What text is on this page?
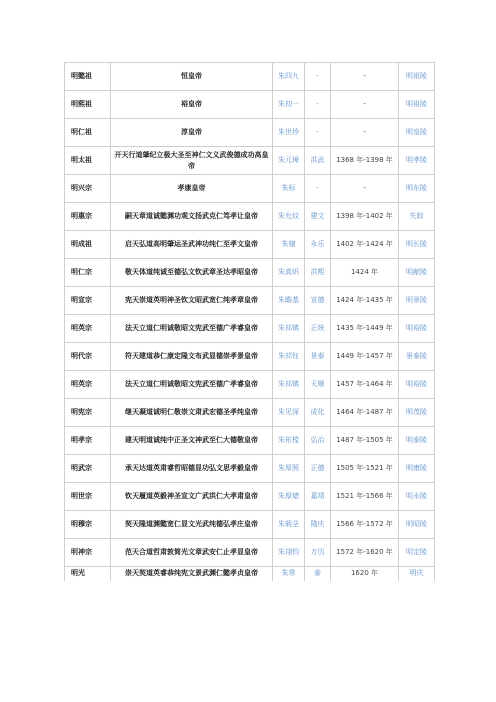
明懿祖	恒皇帝	朱四九	-	-	明祖陵
明熙祖	裕皇帝	朱初一	-	-	明祖陵
明仁祖	淳皇帝	朱世珍	-	-	明皇陵
明太祖	开天行道肇纪立极大圣至神仁文义武俊德成功高皇帝	朱元璋	洪武	1368 年-1398 年	明孝陵
明兴宗	孝康皇帝	朱标	-	-	明东陵
明惠宗	嗣天章道诚懿渊功观文扬武克仁笃孝让皇帝	朱允炆	建文	1398 年-1402 年	失踪
明成祖	启天弘道高明肇运圣武神功纯仁至孝文皇帝	朱棣	永乐	1402 年-1424 年	明长陵
明仁宗	敬天体道纯诚至德弘文钦武章圣达孝昭皇帝	朱高炽	洪熙	1424 年	明献陵
明宣宗	宪天崇道英明神圣钦文昭武宽仁纯孝章皇帝	朱瞻基	宣德	1424 年-1435 年	明景陵
明英宗	法天立道仁明诚敬昭文宪武至德广孝睿皇帝	朱祁镇	正统	1435 年-1449 年	明裕陵
明代宗	符天建道恭仁康定隆文布武显德崇孝景皇帝	朱祁钰	景泰	1449 年-1457 年	景泰陵
明英宗	法天立道仁明诚敬昭文宪武至德广孝睿皇帝	朱祁镇	天顺	1457 年-1464 年	明裕陵
明宪宗	继天凝道诚明仁敬崇文肃武宏德圣孝纯皇帝	朱见深	成化	1464 年-1487 年	明茂陵
明孝宗	建天明道诚纯中正圣文神武至仁大德敬皇帝	朱祐樘	弘治	1487 年-1505 年	明泰陵
明武宗	承天达道英肃睿哲昭德显功弘文思孝毅皇帝	朱厚照	正德	1505 年-1521 年	明康陵
明世宗	钦天履道英毅神圣宣文广武洪仁大孝肃皇帝	朱厚熜	嘉靖	1521 年-1566 年	明永陵
明穆宗	契天隆道渊懿宽仁显文光武纯德弘孝庄皇帝	朱载坖	隆庆	1566 年-1572 年	明昭陵
明神宗	范天合道哲肃敦简光文章武安仁止孝显皇帝	朱翊钧	万历	1572 年-1620 年	明定陵
明光	崇天契道英睿恭纯宪文景武渊仁懿孝贞皇帝	朱常	泰	1620 年	明庆
